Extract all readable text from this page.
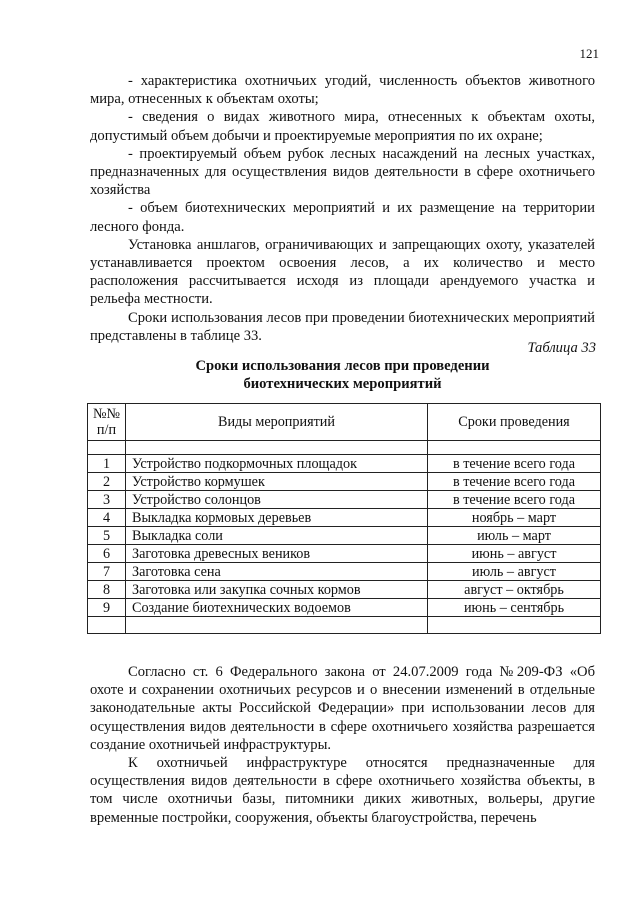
121

- характеристика охотничьих угодий, численность объектов животного мира, отнесенных к объектам охоты;

- сведения о видах животного мира, отнесенных к объектам охоты, допустимый объем добычи и проектируемые мероприятия по их охране;

- проектируемый объем рубок лесных насаждений на лесных участках, предназначенных для осуществления видов деятельности в сфере охотничьего хозяйства

- объем биотехнических мероприятий и их размещение на территории лесного фонда.

Установка аншлагов, ограничивающих и запрещающих охоту, указателей устанавливается проектом освоения лесов, а их количество и место расположения рассчитывается исходя из площади арендуемого участка и рельефа местности.

Сроки использования лесов при проведении биотехнических мероприятий представлены в таблице 33.

Таблица 33
Сроки использования лесов при проведении
биотехнических мероприятий
№№
п/п	Виды мероприятий	Сроки проведения

1	Устройство подкормочных площадок	в течение всего года
2	Устройство кормушек	в течение всего года
3	Устройство солонцов	в течение всего года
4	Выкладка кормовых деревьев	ноябрь – март
5	Выкладка соли	июль – март
6	Заготовка древесных веников	июнь – август
7	Заготовка сена	июль – август
8	Заготовка или закупка сочных кормов	август – октябрь
9	Создание биотехнических водоемов	июнь – сентябрь

Согласно ст. 6 Федерального закона от 24.07.2009 года №209-ФЗ «Об охоте и сохранении охотничьих ресурсов и о внесении изменений в отдельные законодательные акты Российской Федерации» при использовании лесов для осуществления видов деятельности в сфере охотничьего хозяйства разрешается создание охотничьей инфраструктуры.

К охотничьей инфраструктуре относятся предназначенные для осуществления видов деятельности в сфере охотничьего хозяйства объекты, в том числе охотничьи базы, питомники диких животных, вольеры, другие временные постройки, сооружения, объекты благоустройства, перечень
